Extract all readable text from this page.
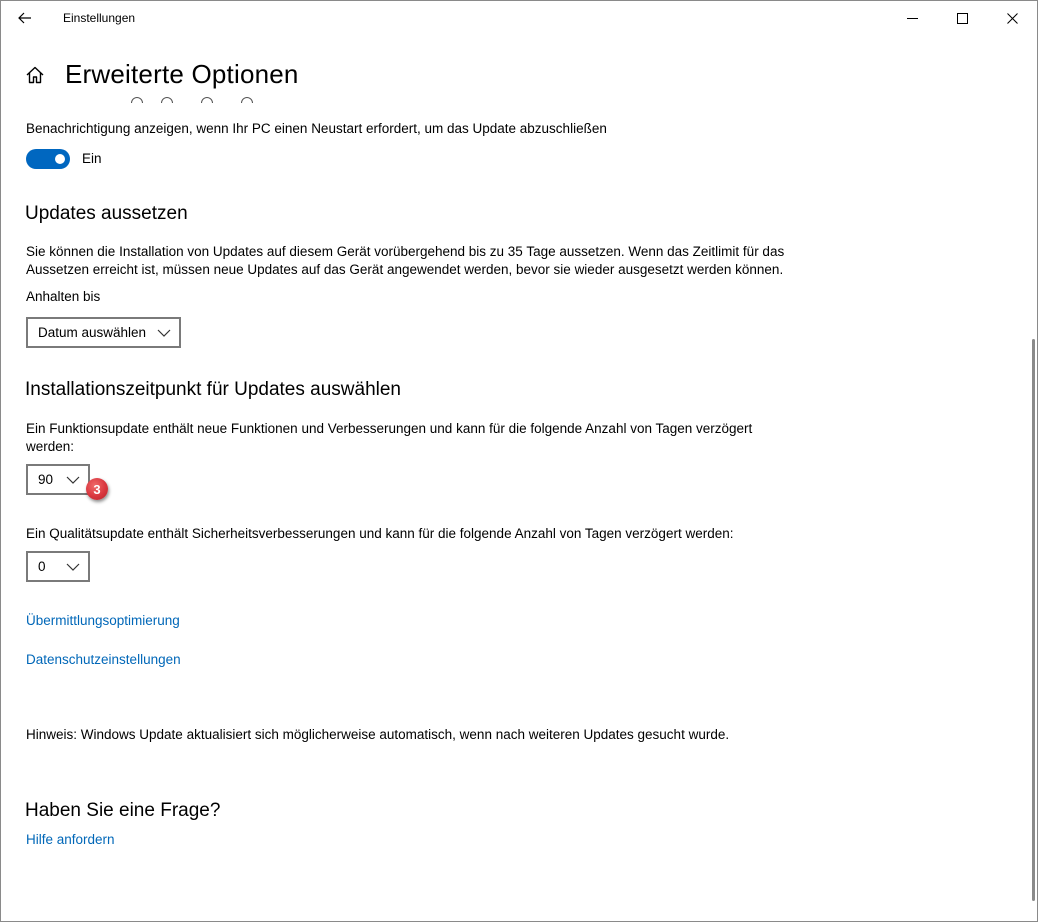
Einstellungen
Erweiterte Optionen
Benachrichtigung anzeigen, wenn Ihr PC einen Neustart erfordert, um das Update abzuschließen
Ein
Updates aussetzen
Sie können die Installation von Updates auf diesem Gerät vorübergehend bis zu 35 Tage aussetzen. Wenn das Zeitlimit für das
Aussetzen erreicht ist, müssen neue Updates auf das Gerät angewendet werden, bevor sie wieder ausgesetzt werden können.
Anhalten bis
Datum auswählen
Installationszeitpunkt für Updates auswählen
Ein Funktionsupdate enthält neue Funktionen und Verbesserungen und kann für die folgende Anzahl von Tagen verzögert
werden:
90
Ein Qualitätsupdate enthält Sicherheitsverbesserungen und kann für die folgende Anzahl von Tagen verzögert werden:
0
Übermittlungsoptimierung
Datenschutzeinstellungen
Hinweis: Windows Update aktualisiert sich möglicherweise automatisch, wenn nach weiteren Updates gesucht wurde.
Haben Sie eine Frage?
Hilfe anfordern
3
